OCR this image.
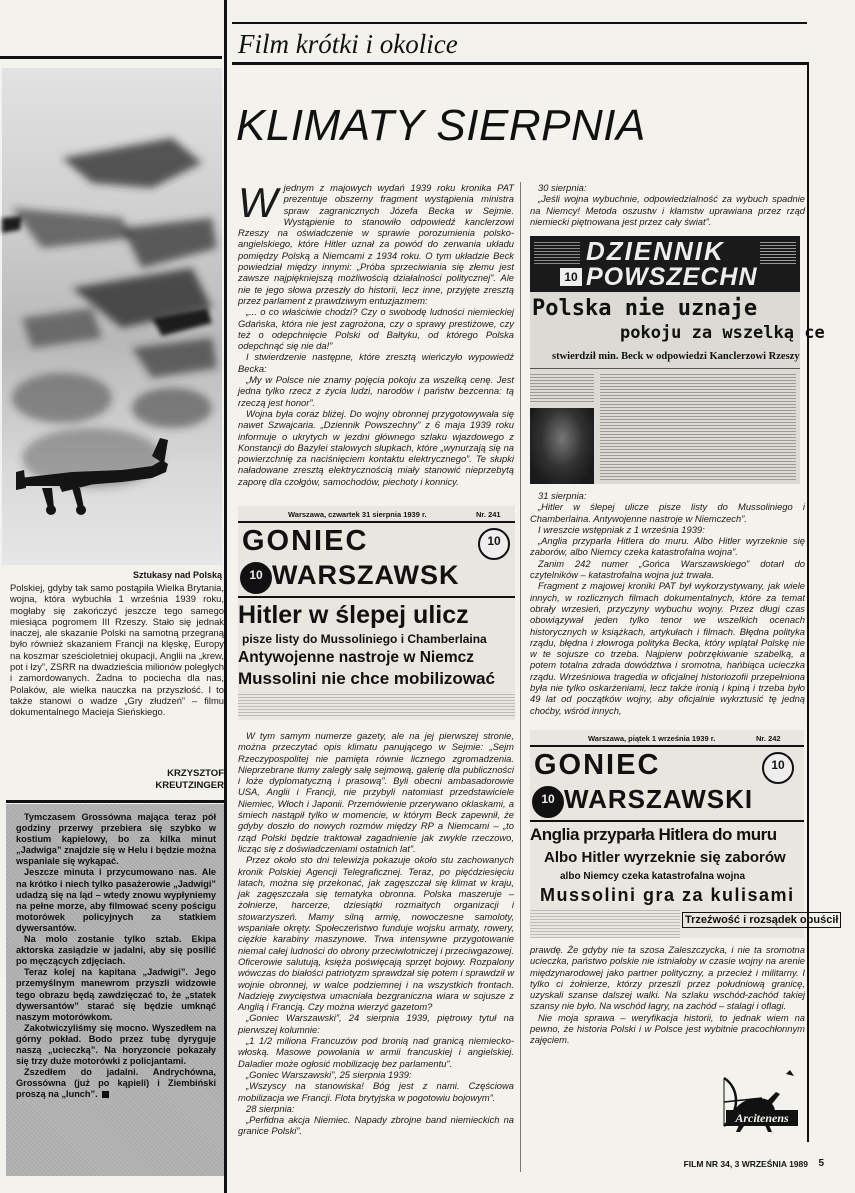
Film krótki i okolice
KLIMATY SIERPNIA
Sztukasy nad Polską

Polskiej, gdyby tak samo postąpiła Wielka Brytania, wojna, która wybuchła 1 września 1939 roku, mogłaby się zakończyć jeszcze tego samego miesiąca pogromem III Rzeszy. Stało się jednak inaczej, ale skazanie Polski na samotną przegraną było również skazaniem Francji na klęskę, Europy na koszmar sześcioletniej okupacji, Anglii na „krew, pot i łzy”, ZSRR na dwadzieścia milionów poległych i zamordowanych. Żadna to pociecha dla nas, Polaków, ale wielka nauczka na przyszłość. I to także stanowi o wadze „Gry złudzeń” – filmu dokumentalnego Macieja Sieńskiego.

KRZYSZTOF
KREUTZINGER

Tymczasem Grossówna mająca teraz pół godziny przerwy przebiera się szybko w kostium kąpielowy, bo za kilka minut „Jadwiga” znajdzie się w Helu i będzie można wspaniale się wykąpać.

Jeszcze minuta i przycumowano nas. Ale na krótko i niech tylko pasażerowie „Jadwigi” udadzą się na ląd – wtedy znowu wypłyniemy na pełne morze, aby filmować sceny pościgu motorówek policyjnych za statkiem dywersantów.

Na molo zostanie tylko sztab. Ekipa aktorska zasiądzie w jadalni, aby się posilić po męczących zdjęciach.

Teraz kolej na kapitana „Jadwigi”. Jego przemyślnym manewrom przyszli widzowie tego obrazu będą zawdzięczać to, że „statek dywersantów” starać się będzie umknąć naszym motorówkom.

Zakotwiczyliśmy się mocno. Wyszedłem na górny pokład. Bodo przez tubę dyryguje naszą „ucieczką”. Na horyzoncie pokazały się trzy duże motorówki z policjantami.

Zszedłem do jadalni. Andrychówna, Grossówna (już po kąpieli) i Ziembiński proszą na „lunch”.

Wjednym z majowych wydań 1939 roku kronika PAT prezentuje obszerny fragment wystąpienia ministra spraw zagranicznych Józefa Becka w Sejmie. Wystąpienie to stanowiło odpowiedź kanclerzowi Rzeszy na oświadczenie w sprawie porozumienia polsko-angielskiego, które Hitler uznał za powód do zerwania układu pomiędzy Polską a Niemcami z 1934 roku. O tym układzie Beck powiedział między innymi: „Próba sprzeciwiania się złemu jest zawsze najpiękniejszą możliwością działalności politycznej”. Ale nie te jego słowa przeszły do historii, lecz inne, przyjęte zresztą przez parlament z prawdziwym entuzjazmem:

„... o co właściwie chodzi? Czy o swobodę ludności niemieckiej Gdańska, która nie jest zagrożona, czy o sprawy prestiżowe, czy też o odepchnięcie Polski od Bałtyku, od którego Polska odepchnąć się nie da!”

I stwierdzenie następne, które zresztą wieńczyło wypowiedź Becka:

„My w Polsce nie znamy pojęcia pokoju za wszelką cenę. Jest jedna tylko rzecz z życia ludzi, narodów i państw bezcenna: tą rzeczą jest honor”.

Wojna była coraz bliżej. Do wojny obronnej przygotowywała się nawet Szwajcaria. „Dziennik Powszechny” z 6 maja 1939 roku informuje o ukrytych w jezdni głównego szlaku wjazdowego z Konstancji do Bazylei stalowych słupkach, które „wynurzają się na powierzchnię za naciśnięciem kontaktu elektrycznego”. Te słupki naładowane zresztą elektrycznością miały stanowić nieprzebytą zaporę dla czołgów, samochodów, piechoty i konnicy.

Warszawa, czwartek 31 sierpnia 1939 r.	Nr. 241
GONIEC	10
10 WARSZAWSK
Hitler w ślepej ulicz
pisze listy do Mussoliniego i Chamberlaina
Antywojenne nastroje w Niemcz
Mussolini nie chce mobilizować

W tym samym numerze gazety, ale na jej pierwszej stronie, można przeczytać opis klimatu panującego w Sejmie: „Sejm Rzeczypospolitej nie pamięta równie licznego zgromadzenia. Nieprzebrane tłumy zaległy salę sejmową, galerię dla publiczności i loże dyplomatyczną i prasową”. Byli obecni ambasadorowie USA, Anglii i Francji, nie przybyli natomiast przedstawiciele Niemiec, Włoch i Japonii. Przemówienie przerywano oklaskami, a śmiech nastąpił tylko w momencie, w którym Beck zapewnił, że gdyby doszło do nowych rozmów między RP a Niemcami – „to rząd Polski będzie traktował zagadnienie jak zwykle rzeczowo, licząc się z doświadczeniami ostatnich lat”.

Przez około sto dni telewizja pokazuje około stu zachowanych kronik Polskiej Agencji Telegraficznej. Teraz, po pięćdziesięciu latach, można się przekonać, jak zagęszczał się klimat w kraju, jak zagęszczała się tematyka obronna. Polska maszeruje – żołnierze, harcerze, dziesiątki rozmaitych organizacji i stowarzyszeń. Mamy silną armię, nowoczesne samoloty, wspaniałe okręty. Społeczeństwo funduje wojsku armaty, rowery, ciężkie karabiny maszynowe. Trwa intensywne przygotowanie niemal całej ludności do obrony przeciwlotniczej i przeciwgazowej. Oficerowie salutują, księża poświęcają sprzęt bojowy. Rozpalony wówczas do białości patriotyzm sprawdzał się potem i sprawdził w wojnie obronnej, w walce podziemnej i na wszystkich frontach. Nadzieję zwycięstwa umacniała bezgraniczna wiara w sojusze z Anglią i Francją. Czy można wierzyć gazetom?

„Goniec Warszawski”, 24 sierpnia 1939, piętrowy tytuł na pierwszej kolumnie:

„1 1/2 miliona Francuzów pod bronią nad granicą niemiecko-włoską. Masowe powołania w armii francuskiej i angielskiej. Daladier może ogłosić mobilizację bez parlamentu”.

„Goniec Warszawski”, 25 sierpnia 1939:

„Wszyscy na stanowiska! Bóg jest z nami. Częściowa mobilizacja we Francji. Flota brytyjska w pogotowiu bojowym”.

28 sierpnia:

„Perfidna akcja Niemiec. Napady zbrojne band niemieckich na granice Polski”.

30 sierpnia:

„Jeśli wojna wybuchnie, odpowiedzialność za wybuch spadnie na Niemcy! Metoda oszustw i kłamstw uprawiana przez rząd niemiecki piętnowana jest przez cały świat”.

DZIENNIK
POWSZECHN
10
Polska nie uznaje
pokoju za wszelką ce
stwierdził min. Beck w odpowiedzi Kanclerzowi Rzeszy

31 sierpnia:

„Hitler w ślepej ulicze pisze listy do Mussoliniego i Chamberlaina. Antywojenne nastroje w Niemczech”.

I wreszcie wstępniak z 1 września 1939:

„Anglia przyparła Hitlera do muru. Albo Hitler wyrzeknie się zaborów, albo Niemcy czeka katastrofalna wojna”.

Zanim 242 numer „Gońca Warszawskiego” dotarł do czytelników – katastrofalna wojna już trwała.

Fragment z majowej kroniki PAT był wykorzystywany, jak wiele innych, w rozlicznych filmach dokumentalnych, które za temat obrały wrzesień, przyczyny wybuchu wojny. Przez długi czas obowiązywał jeden tylko tenor we wszelkich ocenach historycznych w książkach, artykułach i filmach. Błędna polityka rządu, błędna i złowroga polityka Becka, który wplątał Polskę nie w te sojusze co trzeba. Najpierw pobrzękiwanie szabelką, a potem totalna zdrada dowództwa i sromotna, hańbiąca ucieczka rządu. Wrześniowa tragedia w oficjalnej historiozofii przepełniona była nie tylko oskarżeniami, lecz także ironią i kpiną i trzeba było 49 lat od początków wojny, aby oficjalnie wykrztusić tę jedną choćby, wśród innych,

Warszawa, piątek 1 września 1939 r.	Nr. 242
GONIEC	10
10 WARSZAWSKI
Anglia przyparła Hitlera do muru
Albo Hitler wyrzeknie się zaborów
albo Niemcy czeka katastrofalna wojna
Mussolini gra za kulisami
Trzeźwość i rozsądek opuścił

prawdę. Że gdyby nie ta szosa Zaleszczycka, i nie ta sromotna ucieczka, państwo polskie nie istniałoby w czasie wojny na arenie międzynarodowej jako partner polityczny, a przecież i militarny. I tylko ci żołnierze, którzy przeszli przez południową granicę, uzyskali szanse dalszej walki. Na szlaku wschód-zachód takiej szansy nie było. Na wschód łagry, na zachód – stalagi i oflagi.

Nie moja sprawa – weryfikacja historii, to jednak wiem na pewno, że historia Polski i w Polsce jest wybitnie pracochłonnym zajęciem.

Arcitenens
FILM NR 34, 3 WRZEŚNIA 1989	5
